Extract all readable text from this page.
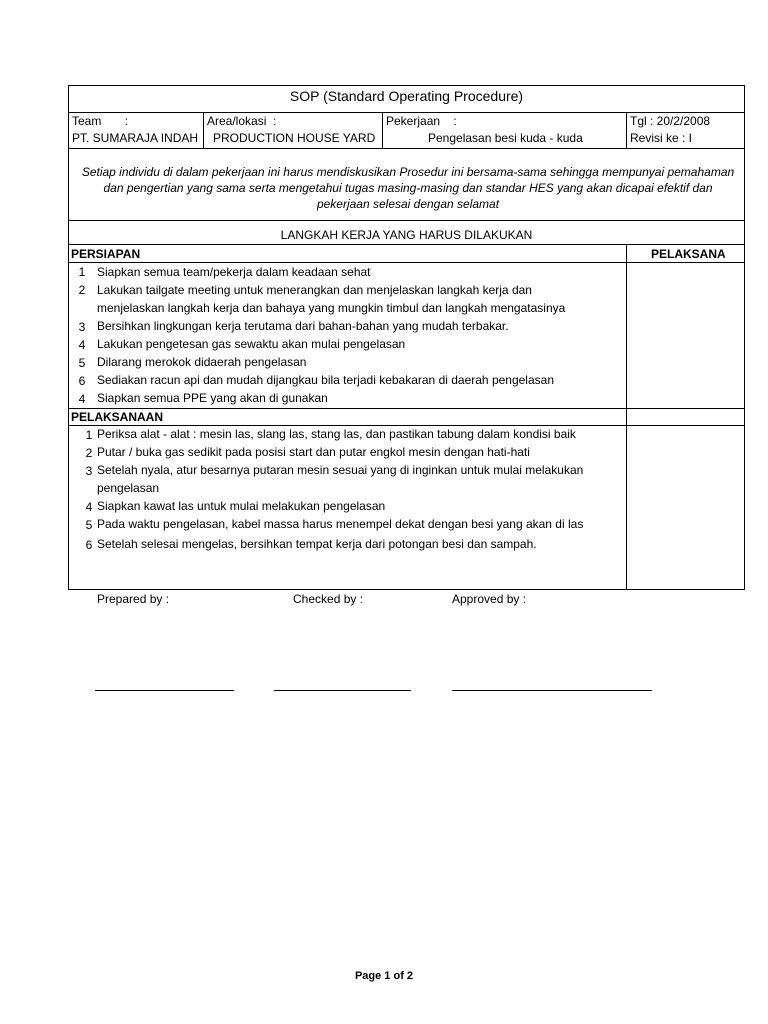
SOP (Standard Operating Procedure)
Team       :
PT. SUMARAJA INDAH
Area/lokasi  :
PRODUCTION HOUSE YARD
Pekerjaan    :
Pengelasan besi kuda - kuda
Tgl : 20/2/2008
Revisi ke : I
Setiap individu di dalam pekerjaan ini harus mendiskusikan Prosedur ini bersama-sama sehingga mempunyai pemahaman
dan pengertian yang sama serta mengetahui tugas masing-masing dan standar HES yang akan dicapai efektif dan
pekerjaan selesai dengan selamat
LANGKAH KERJA YANG HARUS DILAKUKAN
PERSIAPAN	PELAKSANA
1 Siapkan semua team/pekerja dalam keadaan sehat
2 Lakukan tailgate meeting untuk menerangkan dan menjelaskan langkah kerja dan
menjelaskan langkah kerja dan bahaya yang mungkin timbul dan langkah mengatasinya
3 Bersihkan lingkungan kerja terutama dari bahan-bahan yang mudah terbakar.
4 Lakukan pengetesan gas sewaktu akan mulai pengelasan
5 Dilarang merokok didaerah pengelasan
6 Sediakan racun api dan mudah dijangkau bila terjadi kebakaran di daerah pengelasan
4 Siapkan semua PPE yang akan di gunakan
PELAKSANAAN
1 Periksa alat - alat : mesin las, slang las, stang las, dan pastikan tabung dalam kondisi baik
2 Putar / buka gas sedikit pada posisi start dan putar engkol mesin dengan hati-hati
3 Setelah nyala, atur besarnya putaran mesin sesuai yang di inginkan untuk mulai melakukan
pengelasan
4 Siapkan kawat las untuk mulai melakukan pengelasan
5 Pada waktu pengelasan, kabel massa harus menempel dekat dengan besi yang akan di las
6 Setelah selesai mengelas, bersihkan tempat kerja dari potongan besi dan sampah.
Prepared by :	Checked by :	Approved by :
Page 1 of 2
